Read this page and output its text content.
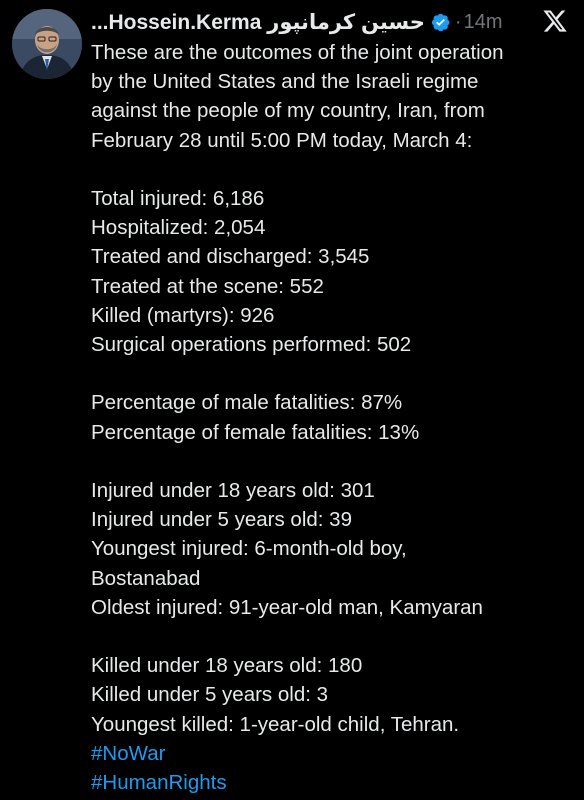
...Hossein.Kerma حسین کرمانپور · 14m
These are the outcomes of the joint operation
by the United States and the Israeli regime
against the people of my country, Iran, from
February 28 until 5:00 PM today, March 4:
Total injured: 6,186
Hospitalized: 2,054
Treated and discharged: 3,545
Treated at the scene: 552
Killed (martyrs): 926
Surgical operations performed: 502
Percentage of male fatalities: 87%
Percentage of female fatalities: 13%
Injured under 18 years old: 301
Injured under 5 years old: 39
Youngest injured: 6-month-old boy,
Bostanabad
Oldest injured: 91-year-old man, Kamyaran
Killed under 18 years old: 180
Killed under 5 years old: 3
Youngest killed: 1-year-old child, Tehran.
#NoWar
#HumanRights
